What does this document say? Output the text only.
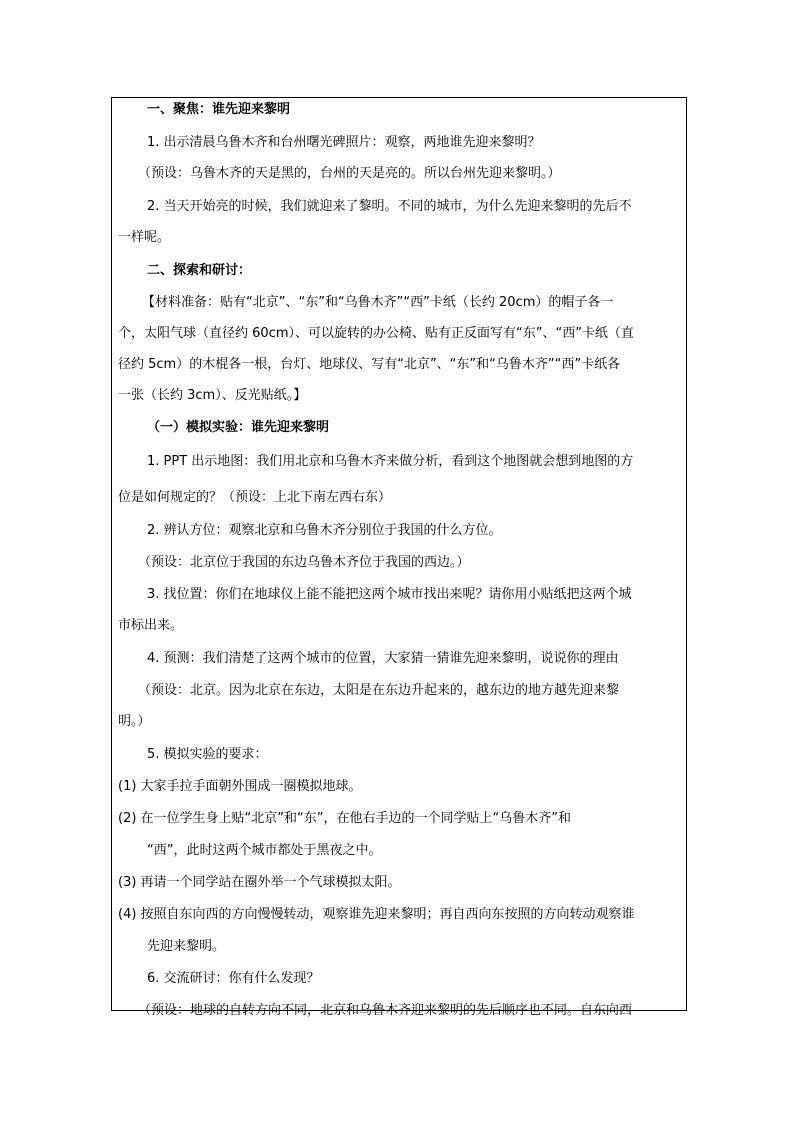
一、聚焦：谁先迎来黎明
1. 出示清晨乌鲁木齐和台州曙光碑照片：观察，两地谁先迎来黎明？
（预设：乌鲁木齐的天是黑的，台州的天是亮的。所以台州先迎来黎明。）
2. 当天开始亮的时候，我们就迎来了黎明。不同的城市，为什么先迎来黎明的先后不
一样呢。
二、探索和研讨：
【材料准备：贴有“北京”、“东”和“乌鲁木齐”“西”卡纸（长约 20cm）的帽子各一
个，太阳气球（直径约 60cm）、可以旋转的办公椅、贴有正反面写有“东”、“西”卡纸（直
径约 5cm）的木棍各一根，台灯、地球仪、写有“北京”、“东”和“乌鲁木齐”“西”卡纸各
一张（长约 3cm）、反光贴纸。】
（一）模拟实验：谁先迎来黎明
1. PPT 出示地图：我们用北京和乌鲁木齐来做分析，看到这个地图就会想到地图的方
位是如何规定的？（预设：上北下南左西右东）
2. 辨认方位：观察北京和乌鲁木齐分别位于我国的什么方位。
（预设：北京位于我国的东边乌鲁木齐位于我国的西边。）
3. 找位置：你们在地球仪上能不能把这两个城市找出来呢？请你用小贴纸把这两个城
市标出来。
4. 预测：我们清楚了这两个城市的位置，大家猜一猜谁先迎来黎明，说说你的理由
（预设：北京。因为北京在东边，太阳是在东边升起来的，越东边的地方越先迎来黎
明。）
5. 模拟实验的要求：
(1) 大家手拉手面朝外围成一圈模拟地球。
(2) 在一位学生身上贴“北京”和“东”，在他右手边的一个同学贴上“乌鲁木齐”和
“西”，此时这两个城市都处于黑夜之中。
(3) 再请一个同学站在圈外举一个气球模拟太阳。
(4) 按照自东向西的方向慢慢转动，观察谁先迎来黎明；再自西向东按照的方向转动观察谁
先迎来黎明。
6. 交流研讨：你有什么发现？
（预设：地球的自转方向不同，北京和乌鲁木齐迎来黎明的先后顺序也不同。自东向西
